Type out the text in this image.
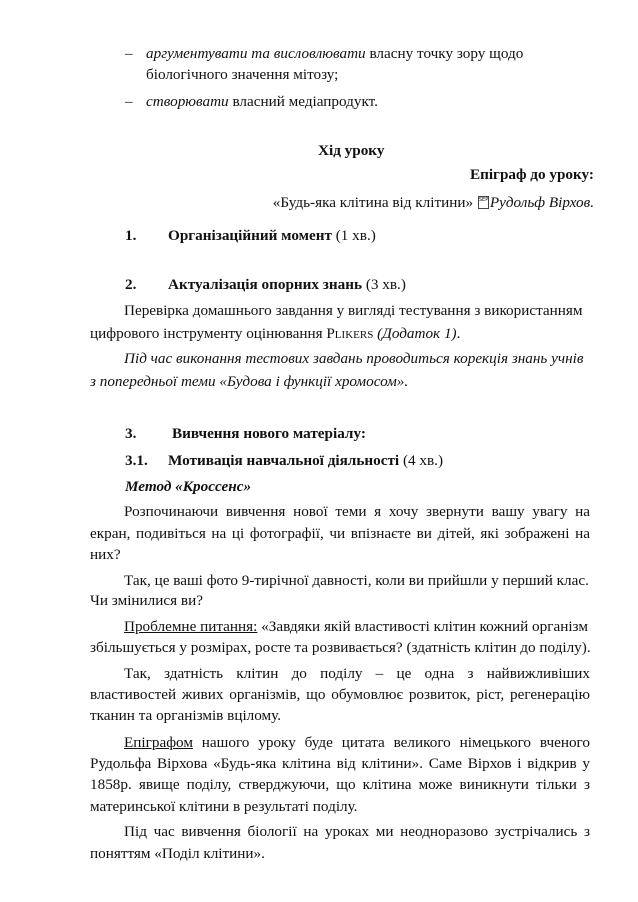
– аргументувати та висловлювати власну точку зору щодо
біологічного значення мітозу;
– створювати власний медіапродукт.
Хід уроку
Епіграф до уроку:
«Будь-яка клітина від клітини» SEP Рудольф Вірхов.
1. Організаційний момент (1 хв.)
2. Актуалізація опорних знань (3 хв.)
Перевірка домашнього завдання у вигляді тестування з використанням
цифрового інструменту оцінювання Plikers (Додаток 1).
Під час виконання тестових завдань проводиться корекція знань учнів
з попередньої теми «Будова і функції хромосом».
3. Вивчення нового матеріалу:
3.1. Мотивація навчальної діяльності (4 хв.)
Метод «Кроссенс»
Розпочинаючи вивчення нової теми я хочу звернути вашу увагу на
екран, подивіться на ці фотографії, чи впізнаєте ви дітей, які зображені на
них?
Так, це ваші фото 9-тирічної давності, коли ви прийшли у перший клас.
Чи змінилися ви?
Проблемне питання: «Завдяки якій властивості клітин кожний організм
збільшується у розмірах, росте та розвивається? (здатність клітин до поділу).
Так, здатність клітин до поділу – це одна з найвижливіших
властивостей живих організмів, що обумовлює розвиток, ріст, регенерацію
тканин та організмів вцілому.
Епіграфом нашого уроку буде цитата великого німецького вченого
Рудольфа Вірхова «Будь-яка клітина від клітини». Саме Вірхов і відкрив у
1858р. явище поділу, стверджуючи, що клітина може виникнути тільки з
материнської клітини в результаті поділу.
Під час вивчення біології на уроках ми неодноразово зустрічались з
поняттям «Поділ клітини».
